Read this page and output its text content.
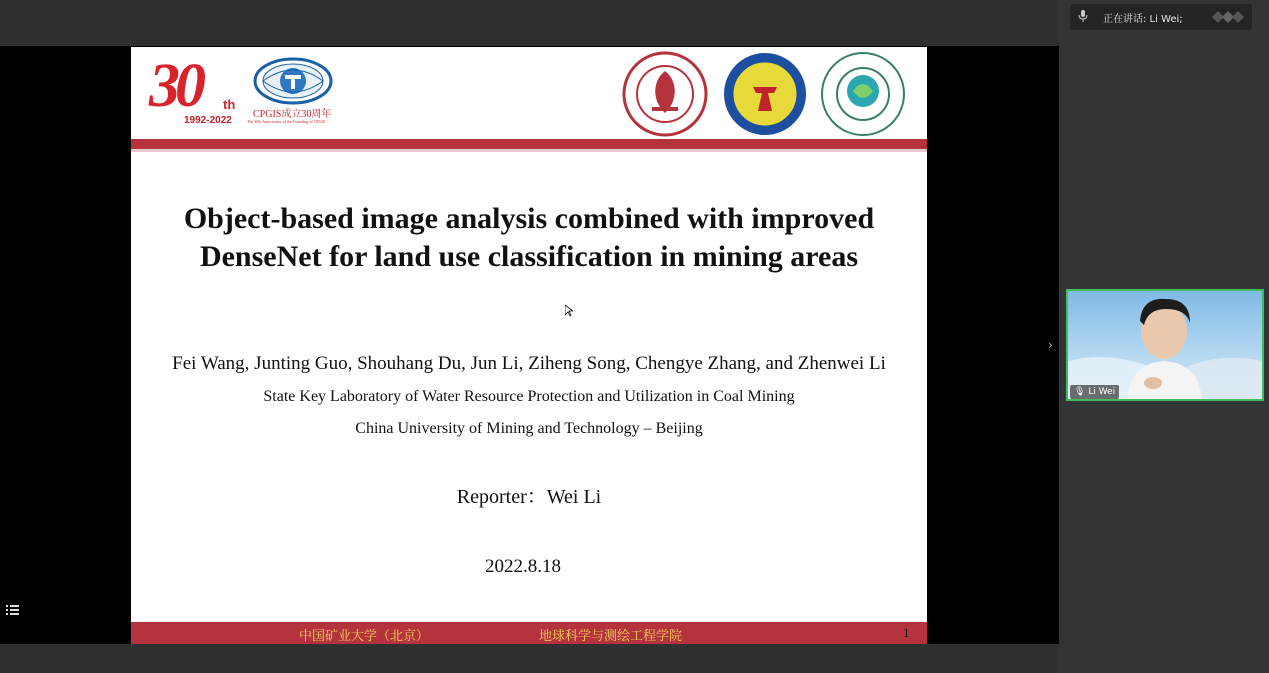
30 th
1992-2022
CPGIS成立30周年
The 30th Anniversary of the Founding of CPGIS
Object-based image analysis combined with improved DenseNet for land use classification in mining areas
Fei Wang, Junting Guo, Shouhang Du, Jun Li, Ziheng Song, Chengye Zhang, and Zhenwei Li
State Key Laboratory of Water Resource Protection and Utilization in Coal Mining
China University of Mining and Technology – Beijing
Reporter：Wei Li
2022.8.18
中国矿业大学（北京）	地球科学与测绘工程学院	1
正在讲话: Li Wei;
›
🎙 Li Wei
